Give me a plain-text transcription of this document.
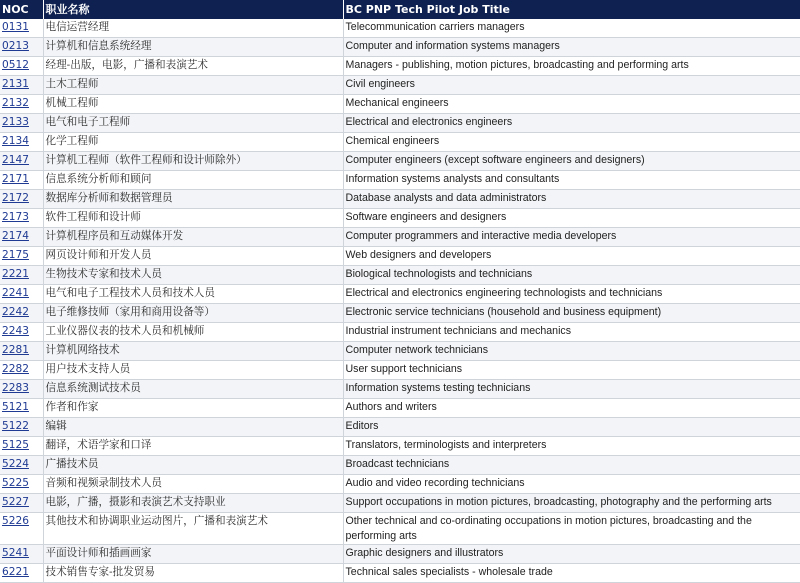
NOC	职业名称	BC PNP Tech Pilot Job Title
0131	电信运营经理	Telecommunication carriers managers
0213	计算机和信息系统经理	Computer and information systems managers
0512	经理-出版，电影，广播和表演艺术	Managers - publishing, motion pictures, broadcasting and performing arts
2131	土木工程师	Civil engineers
2132	机械工程师	Mechanical engineers
2133	电气和电子工程师	Electrical and electronics engineers
2134	化学工程师	Chemical engineers
2147	计算机工程师（软件工程师和设计师除外）	Computer engineers (except software engineers and designers)
2171	信息系统分析师和顾问	Information systems analysts and consultants
2172	数据库分析师和数据管理员	Database analysts and data administrators
2173	软件工程师和设计师	Software engineers and designers
2174	计算机程序员和互动媒体开发	Computer programmers and interactive media developers
2175	网页设计师和开发人员	Web designers and developers
2221	生物技术专家和技术人员	Biological technologists and technicians
2241	电气和电子工程技术人员和技术人员	Electrical and electronics engineering technologists and technicians
2242	电子维修技师（家用和商用设备等）	Electronic service technicians (household and business equipment)
2243	工业仪器仪表的技术人员和机械师	Industrial instrument technicians and mechanics
2281	计算机网络技术	Computer network technicians
2282	用户技术支持人员	User support technicians
2283	信息系统测试技术员	Information systems testing technicians
5121	作者和作家	Authors and writers
5122	编辑	Editors
5125	翻译，术语学家和口译	Translators, terminologists and interpreters
5224	广播技术员	Broadcast technicians
5225	音频和视频录制技术人员	Audio and video recording technicians
5227	电影，广播，摄影和表演艺术支持职业	Support occupations in motion pictures, broadcasting, photography and the performing arts
5226	其他技术和协调职业运动图片，广播和表演艺术	Other technical and co-ordinating occupations in motion pictures, broadcasting and the performing arts
5241	平面设计师和插画画家	Graphic designers and illustrators
6221	技术销售专家-批发贸易	Technical sales specialists - wholesale trade
